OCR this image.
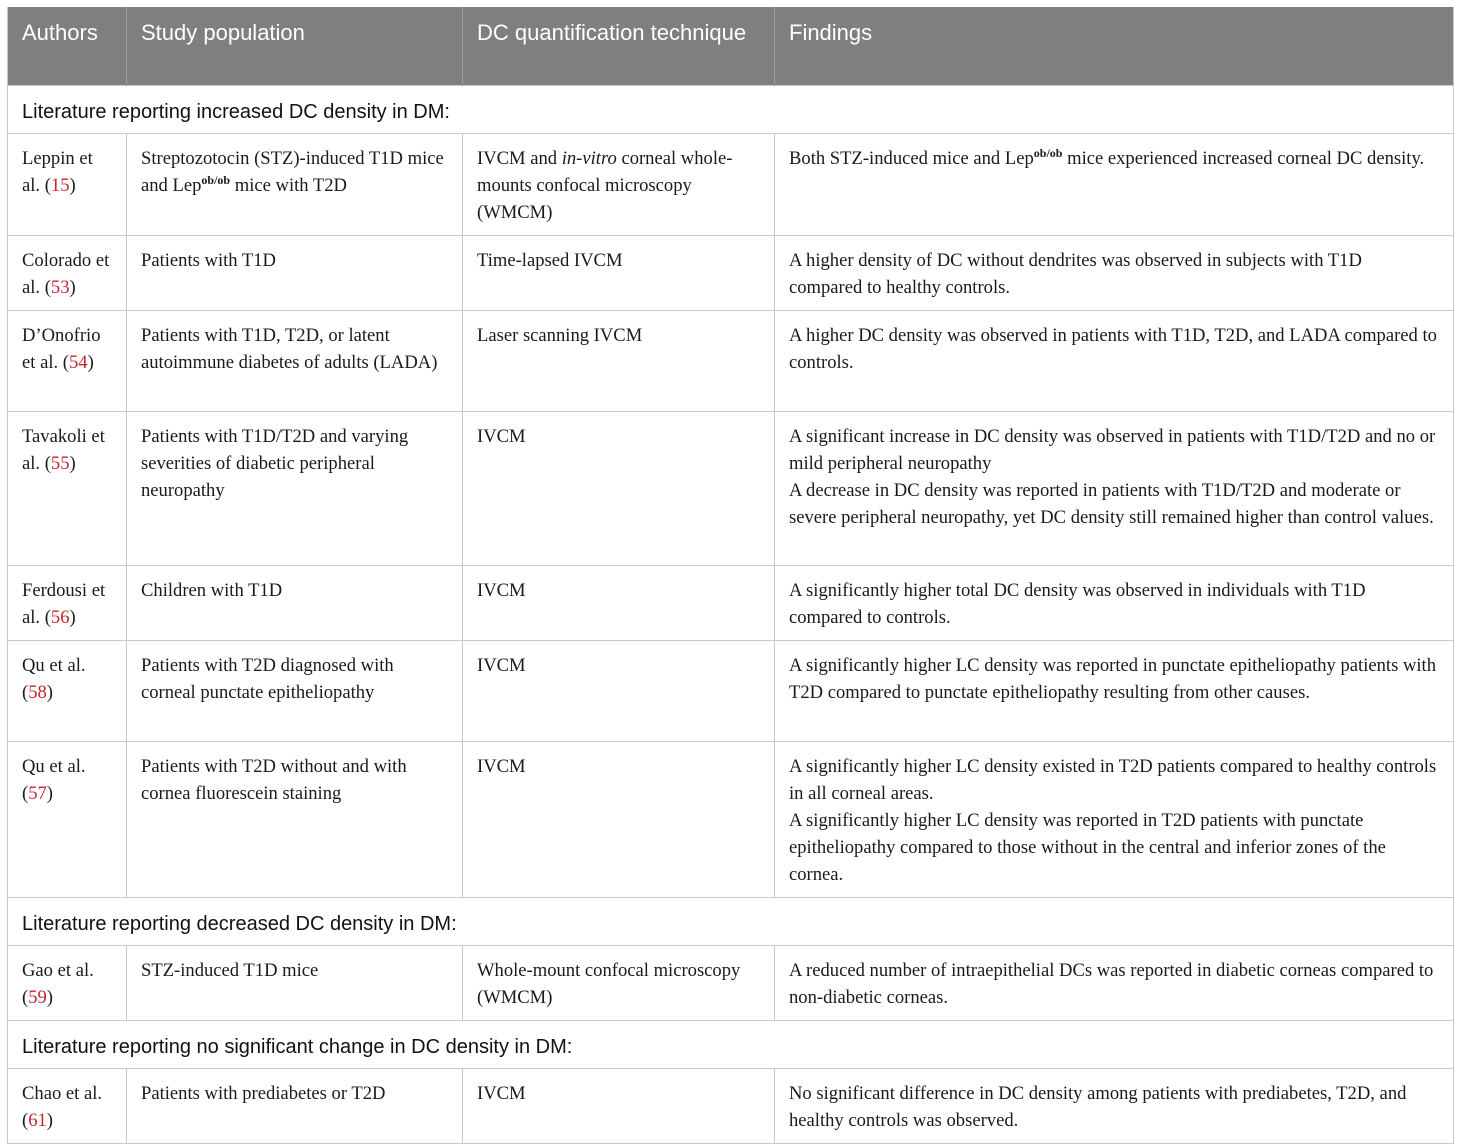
Authors	Study population	DC quantification technique	Findings
Literature reporting increased DC density in DM:			
Leppin et al. (15)	Streptozotocin (STZ)-induced T1D mice and Lep$^{ob/ob}$ mice with T2D	IVCM and in-vitro corneal whole-mounts confocal microscopy (WMCM)	Both STZ-induced mice and Lep$^{ob/ob}$ mice experienced increased corneal DC density.
Colorado et al. (53)	Patients with T1D	Time-lapsed IVCM	A higher density of DC without dendrites was observed in subjects with T1D compared to healthy controls.
D’Onofrio et al. (54)	Patients with T1D, T2D, or latent autoimmune diabetes of adults (LADA)	Laser scanning IVCM	A higher DC density was observed in patients with T1D, T2D, and LADA compared to controls.
Tavakoli et al. (55)	Patients with T1D/T2D and varying severities of diabetic peripheral neuropathy	IVCM	A significant increase in DC density was observed in patients with T1D/T2D and no or mild peripheral neuropathy
A decrease in DC density was reported in patients with T1D/T2D and moderate or severe peripheral neuropathy, yet DC density still remained higher than control values.

Ferdousi et al. (56)	Children with T1D	IVCM	A significantly higher total DC density was observed in individuals with T1D compared to controls.
Qu et al. (58)	Patients with T2D diagnosed with corneal punctate epitheliopathy	IVCM	A significantly higher LC density was reported in punctate epitheliopathy patients with T2D compared to punctate epitheliopathy resulting from other causes.
Qu et al. (57)	Patients with T2D without and with cornea fluorescein staining	IVCM	A significantly higher LC density existed in T2D patients compared to healthy controls in all corneal areas.
A significantly higher LC density was reported in T2D patients with punctate epitheliopathy compared to those without in the central and inferior zones of the cornea.

Literature reporting decreased DC density in DM:			
Gao et al. (59)	STZ-induced T1D mice	Whole-mount confocal microscopy (WMCM)	A reduced number of intraepithelial DCs was reported in diabetic corneas compared to non-diabetic corneas.
Literature reporting no significant change in DC density in DM:			
Chao et al. (61)	Patients with prediabetes or T2D	IVCM	No significant difference in DC density among patients with prediabetes, T2D, and healthy controls was observed.
